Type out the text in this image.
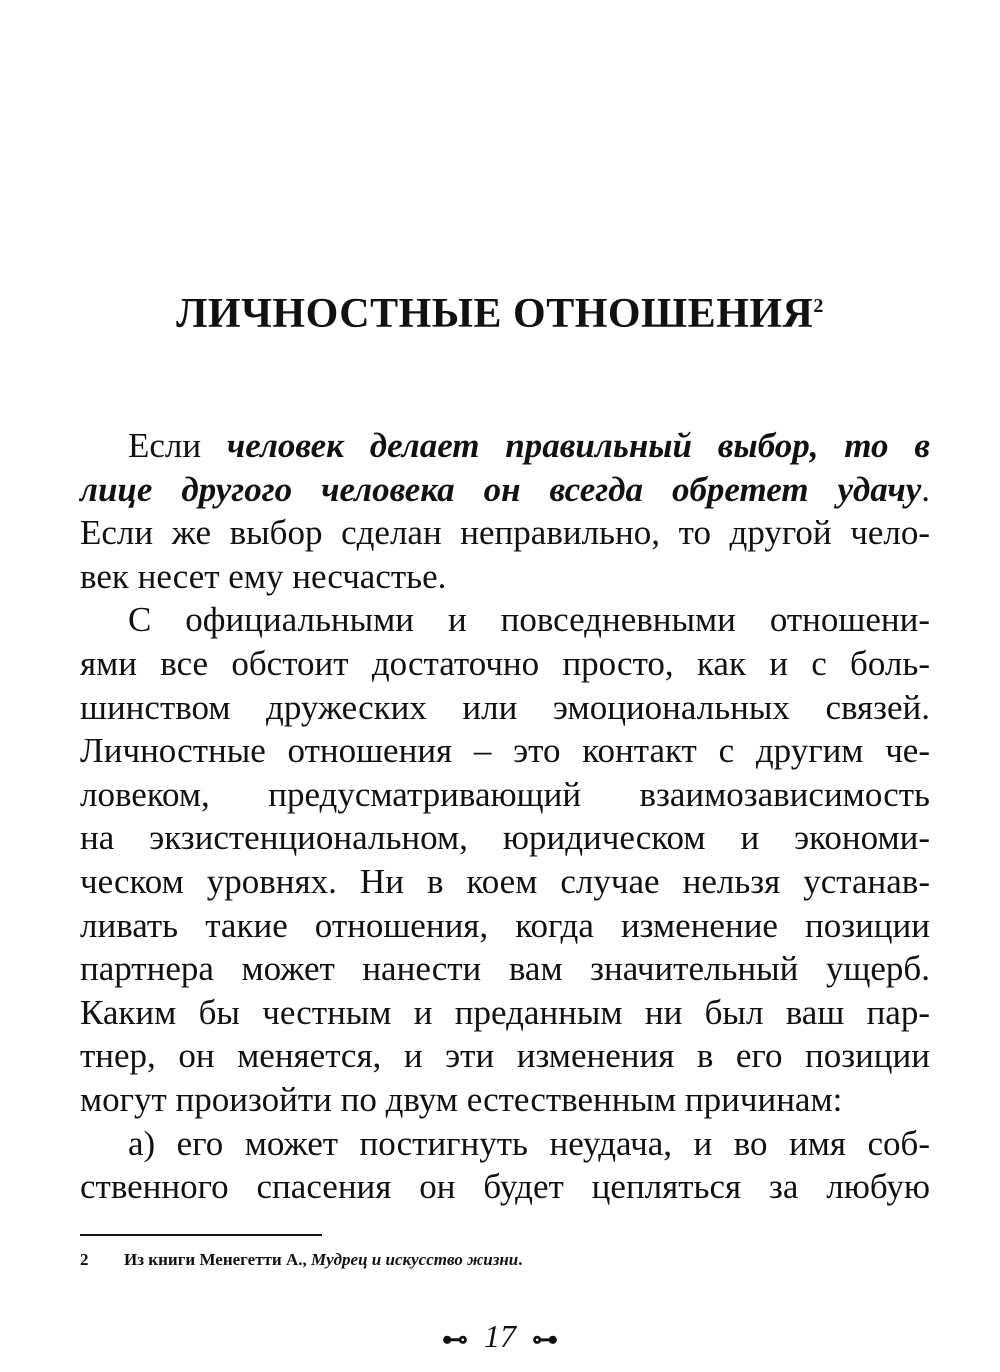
ЛИЧНОСТНЫЕ ОТНОШЕНИЯ$^2$
Если человек делает правильный выбор, то в
лице другого человека он всегда обретет удачу.
Если же выбор сделан неправильно, то другой чело-
век несет ему несчастье.
С официальными и повседневными отношени-
ями все обстоит достаточно просто, как и с боль-
шинством дружеских или эмоциональных связей.
Личностные отношения – это контакт с другим че-
ловеком, предусматривающий взаимозависимость
на экзистенциональном, юридическом и экономи-
ческом уровнях. Ни в коем случае нельзя устанав-
ливать такие отношения, когда изменение позиции
партнера может нанести вам значительный ущерб.
Каким бы честным и преданным ни был ваш пар-
тнер, он меняется, и эти изменения в его позиции
могут произойти по двум естественным причинам:
а) его может постигнуть неудача, и во имя соб-
ственного спасения он будет цепляться за любую
2 Из книги Менегетти А., Мудрец и искусство жизни.
⊷ 17 ⊶
